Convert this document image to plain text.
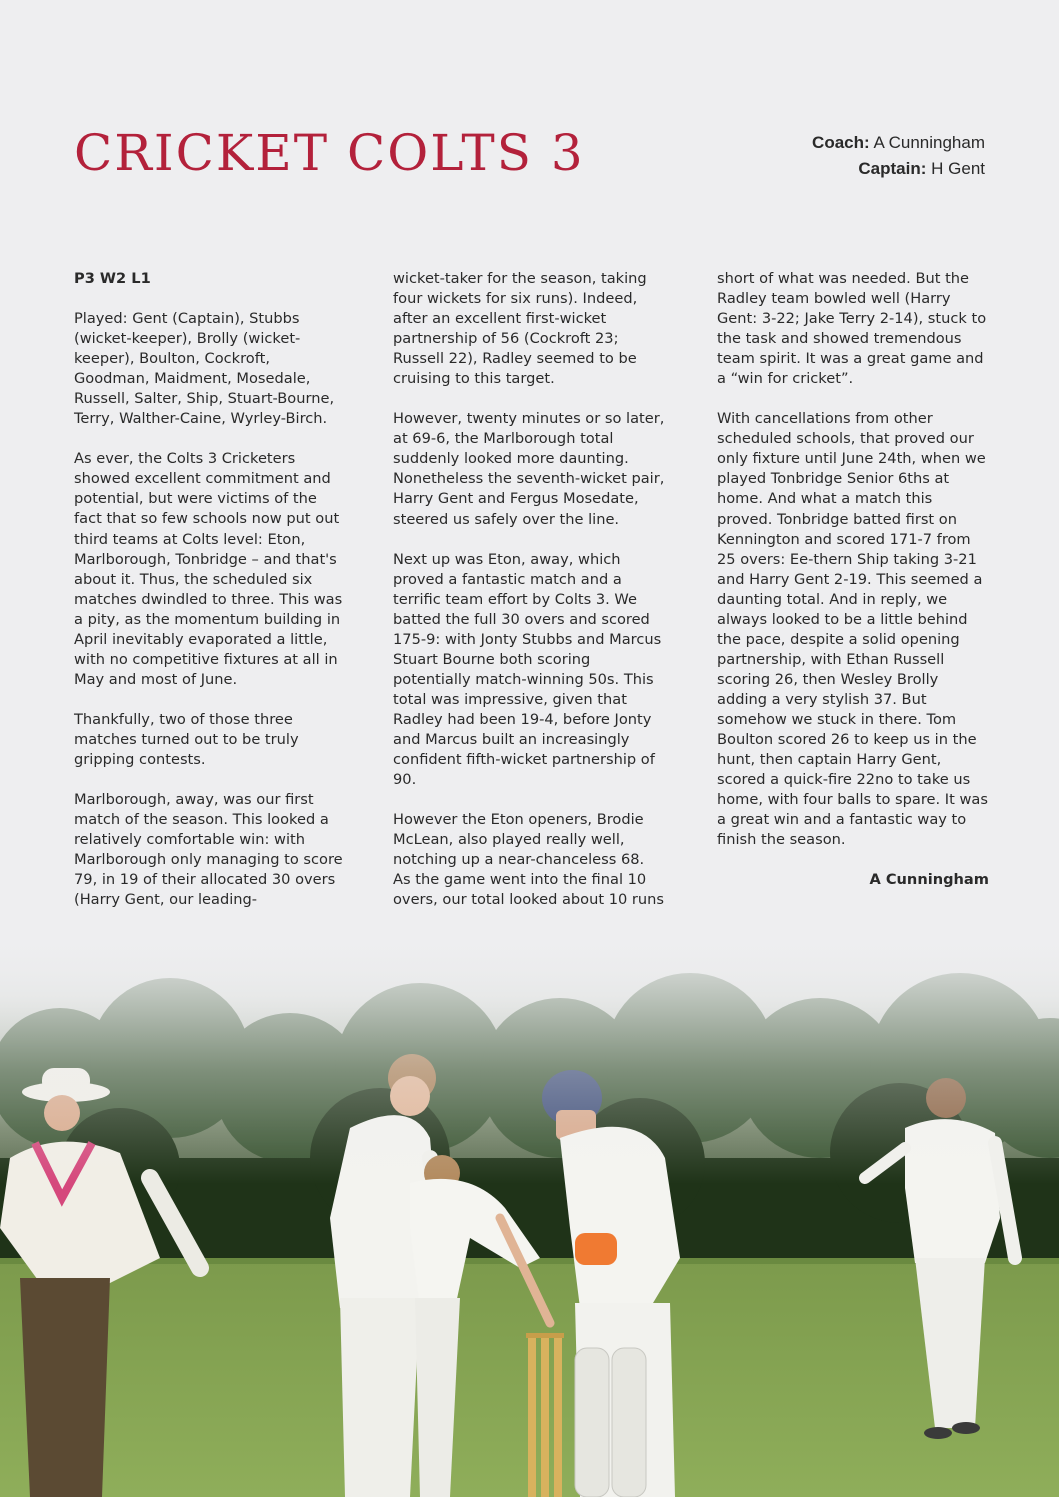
CRICKET COLTS 3	Coach: A Cunningham
Captain: H Gent

P3 W2 L1

Played: Gent (Captain), Stubbs (wicket-keeper), Brolly (wicket-keeper), Boulton, Cockroft, Goodman, Maidment, Mosedale, Russell, Salter, Ship, Stuart-Bourne, Terry, Walther-Caine, Wyrley-Birch.

As ever, the Colts 3 Cricketers showed excellent commitment and potential, but were victims of the fact that so few schools now put out third teams at Colts level: Eton, Marlborough, Tonbridge – and that's about it. Thus, the scheduled six matches dwindled to three. This was a pity, as the momentum building in April inevitably evaporated a little, with no competitive fixtures at all in May and most of June.

Thankfully, two of those three matches turned out to be truly gripping contests.

Marlborough, away, was our first match of the season. This looked a relatively comfortable win: with Marlborough only managing to score 79, in 19 of their allocated 30 overs (Harry Gent, our leading-

wicket-taker for the season, taking four wickets for six runs). Indeed, after an excellent first-wicket partnership of 56 (Cockroft 23; Russell 22), Radley seemed to be cruising to this target.

However, twenty minutes or so later, at 69-6, the Marlborough total suddenly looked more daunting. Nonetheless the seventh-wicket pair, Harry Gent and Fergus Mosedate, steered us safely over the line.

Next up was Eton, away, which proved a fantastic match and a terrific team effort by Colts 3. We batted the full 30 overs and scored 175-9: with Jonty Stubbs and Marcus Stuart Bourne both scoring potentially match-winning 50s. This total was impressive, given that Radley had been 19-4, before Jonty and Marcus built an increasingly confident fifth-wicket partnership of 90.

However the Eton openers, Brodie McLean, also played really well, notching up a near-chanceless 68. As the game went into the final 10 overs, our total looked about 10 runs

short of what was needed. But the Radley team bowled well (Harry Gent: 3-22; Jake Terry 2-14), stuck to the task and showed tremendous team spirit. It was a great game and a “win for cricket”.

With cancellations from other scheduled schools, that proved our only fixture until June 24th, when we played Tonbridge Senior 6ths at home. And what a match this proved. Tonbridge batted first on Kennington and scored 171-7 from 25 overs: Ee-thern Ship taking 3-21 and Harry Gent 2-19. This seemed a daunting total. And in reply, we always looked to be a little behind the pace, despite a solid opening partnership, with Ethan Russell scoring 26, then Wesley Brolly adding a very stylish 37. But somehow we stuck in there. Tom Boulton scored 26 to keep us in the hunt, then captain Harry Gent, scored a quick-fire 22no to take us home, with four balls to spare. It was a great win and a fantastic way to finish the season.

A Cunningham
